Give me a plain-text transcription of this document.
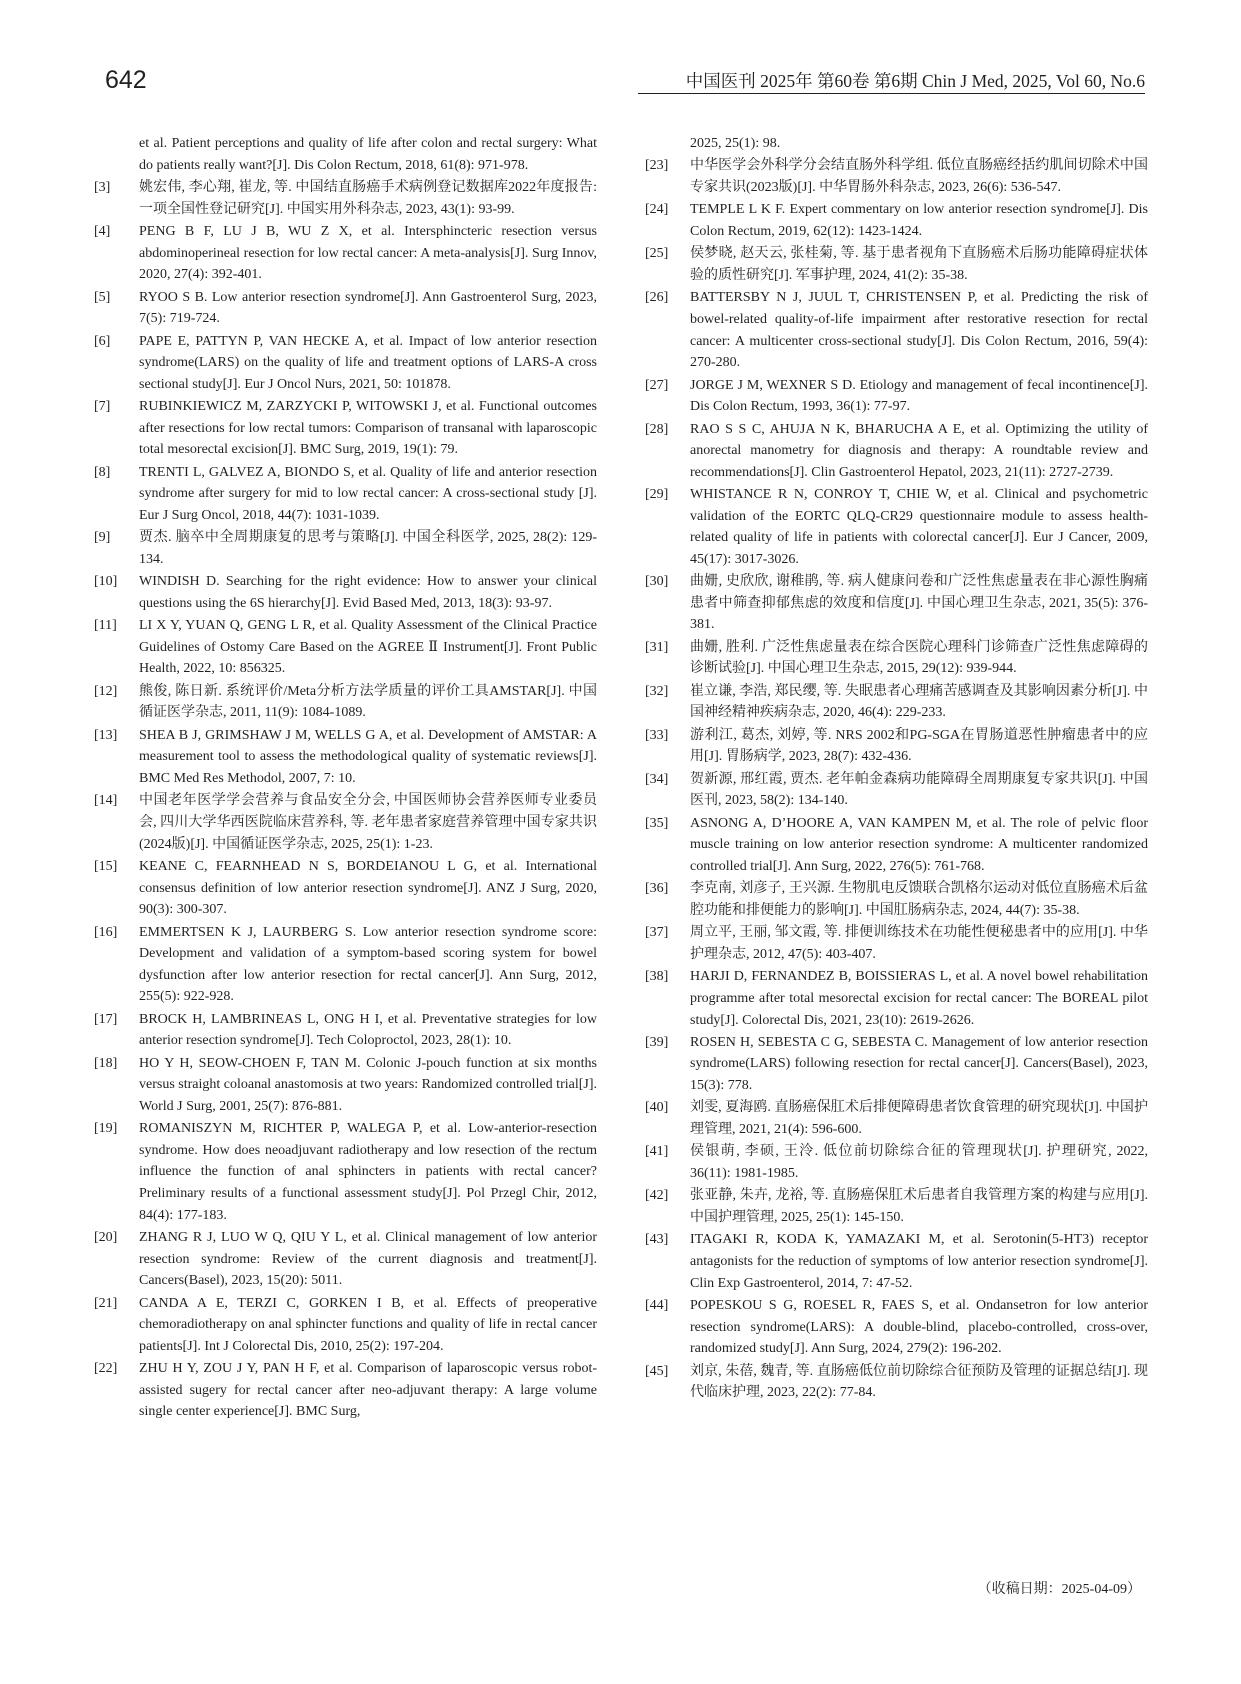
642	中国医刊 2025年 第60卷 第6期 Chin J Med, 2025, Vol 60, No.6
et al. Patient perceptions and quality of life after colon and rectal surgery: What do patients really want?[J]. Dis Colon Rectum, 2018, 61(8): 971-978.
[3]	姚宏伟, 李心翔, 崔龙, 等. 中国结直肠癌手术病例登记数据库2022年度报告: 一项全国性登记研究[J]. 中国实用外科杂志, 2023, 43(1): 93-99.
[4]	PENG B F, LU J B, WU Z X, et al. Intersphincteric resection versus abdominoperineal resection for low rectal cancer: A meta-analysis[J]. Surg Innov, 2020, 27(4): 392-401.
[5]	RYOO S B. Low anterior resection syndrome[J]. Ann Gastroenterol Surg, 2023, 7(5): 719-724.
[6]	PAPE E, PATTYN P, VAN HECKE A, et al. Impact of low anterior resection syndrome(LARS) on the quality of life and treatment options of LARS-A cross sectional study[J]. Eur J Oncol Nurs, 2021, 50: 101878.
[7]	RUBINKIEWICZ M, ZARZYCKI P, WITOWSKI J, et al. Functional outcomes after resections for low rectal tumors: Comparison of transanal with laparoscopic total mesorectal excision[J]. BMC Surg, 2019, 19(1): 79.
[8]	TRENTI L, GALVEZ A, BIONDO S, et al. Quality of life and anterior resection syndrome after surgery for mid to low rectal cancer: A cross-sectional study [J]. Eur J Surg Oncol, 2018, 44(7): 1031-1039.
[9]	贾杰. 脑卒中全周期康复的思考与策略[J]. 中国全科医学, 2025, 28(2): 129-134.
[10]	WINDISH D. Searching for the right evidence: How to answer your clinical questions using the 6S hierarchy[J]. Evid Based Med, 2013, 18(3): 93-97.
[11]	LI X Y, YUAN Q, GENG L R, et al. Quality Assessment of the Clinical Practice Guidelines of Ostomy Care Based on the AGREE Ⅱ Instrument[J]. Front Public Health, 2022, 10: 856325.
[12]	熊俊, 陈日新. 系统评价/Meta分析方法学质量的评价工具AMSTAR[J]. 中国循证医学杂志, 2011, 11(9): 1084-1089.
[13]	SHEA B J, GRIMSHAW J M, WELLS G A, et al. Development of AMSTAR: A measurement tool to assess the methodological quality of systematic reviews[J]. BMC Med Res Methodol, 2007, 7: 10.
[14]	中国老年医学学会营养与食品安全分会, 中国医师协会营养医师专业委员会, 四川大学华西医院临床营养科, 等. 老年患者家庭营养管理中国专家共识(2024版)[J]. 中国循证医学杂志, 2025, 25(1): 1-23.
[15]	KEANE C, FEARNHEAD N S, BORDEIANOU L G, et al. International consensus definition of low anterior resection syndrome[J]. ANZ J Surg, 2020, 90(3): 300-307.
[16]	EMMERTSEN K J, LAURBERG S. Low anterior resection syndrome score: Development and validation of a symptom-based scoring system for bowel dysfunction after low anterior resection for rectal cancer[J]. Ann Surg, 2012, 255(5): 922-928.
[17]	BROCK H, LAMBRINEAS L, ONG H I, et al. Preventative strategies for low anterior resection syndrome[J]. Tech Coloproctol, 2023, 28(1): 10.
[18]	HO Y H, SEOW-CHOEN F, TAN M. Colonic J-pouch function at six months versus straight coloanal anastomosis at two years: Randomized controlled trial[J]. World J Surg, 2001, 25(7): 876-881.
[19]	ROMANISZYN M, RICHTER P, WALEGA P, et al. Low-anterior-resection syndrome. How does neoadjuvant radiotherapy and low resection of the rectum influence the function of anal sphincters in patients with rectal cancer? Preliminary results of a functional assessment study[J]. Pol Przegl Chir, 2012, 84(4): 177-183.
[20]	ZHANG R J, LUO W Q, QIU Y L, et al. Clinical management of low anterior resection syndrome: Review of the current diagnosis and treatment[J]. Cancers(Basel), 2023, 15(20): 5011.
[21]	CANDA A E, TERZI C, GORKEN I B, et al. Effects of preoperative chemoradiotherapy on anal sphincter functions and quality of life in rectal cancer patients[J]. Int J Colorectal Dis, 2010, 25(2): 197-204.
[22]	ZHU H Y, ZOU J Y, PAN H F, et al. Comparison of laparoscopic versus robot-assisted sugery for rectal cancer after neo-adjuvant therapy: A large volume single center experience[J]. BMC Surg,
2025, 25(1): 98.
[23]	中华医学会外科学分会结直肠外科学组. 低位直肠癌经括约肌间切除术中国专家共识(2023版)[J]. 中华胃肠外科杂志, 2023, 26(6): 536-547.
[24]	TEMPLE L K F. Expert commentary on low anterior resection syndrome[J]. Dis Colon Rectum, 2019, 62(12): 1423-1424.
[25]	侯梦晓, 赵天云, 张桂菊, 等. 基于患者视角下直肠癌术后肠功能障碍症状体验的质性研究[J]. 军事护理, 2024, 41(2): 35-38.
[26]	BATTERSBY N J, JUUL T, CHRISTENSEN P, et al. Predicting the risk of bowel-related quality-of-life impairment after restorative resection for rectal cancer: A multicenter cross-sectional study[J]. Dis Colon Rectum, 2016, 59(4): 270-280.
[27]	JORGE J M, WEXNER S D. Etiology and management of fecal incontinence[J]. Dis Colon Rectum, 1993, 36(1): 77-97.
[28]	RAO S S C, AHUJA N K, BHARUCHA A E, et al. Optimizing the utility of anorectal manometry for diagnosis and therapy: A roundtable review and recommendations[J]. Clin Gastroenterol Hepatol, 2023, 21(11): 2727-2739.
[29]	WHISTANCE R N, CONROY T, CHIE W, et al. Clinical and psychometric validation of the EORTC QLQ-CR29 questionnaire module to assess health-related quality of life in patients with colorectal cancer[J]. Eur J Cancer, 2009, 45(17): 3017-3026.
[30]	曲姗, 史欣欣, 谢稚鹃, 等. 病人健康问卷和广泛性焦虑量表在非心源性胸痛患者中筛查抑郁焦虑的效度和信度[J]. 中国心理卫生杂志, 2021, 35(5): 376-381.
[31]	曲姗, 胜利. 广泛性焦虑量表在综合医院心理科门诊筛查广泛性焦虑障碍的诊断试验[J]. 中国心理卫生杂志, 2015, 29(12): 939-944.
[32]	崔立谦, 李浩, 郑民缨, 等. 失眠患者心理痛苦感调查及其影响因素分析[J]. 中国神经精神疾病杂志, 2020, 46(4): 229-233.
[33]	游利江, 葛杰, 刘婷, 等. NRS 2002和PG-SGA在胃肠道恶性肿瘤患者中的应用[J]. 胃肠病学, 2023, 28(7): 432-436.
[34]	贺新源, 邢红霞, 贾杰. 老年帕金森病功能障碍全周期康复专家共识[J]. 中国医刊, 2023, 58(2): 134-140.
[35]	ASNONG A, D’HOORE A, VAN KAMPEN M, et al. The role of pelvic floor muscle training on low anterior resection syndrome: A multicenter randomized controlled trial[J]. Ann Surg, 2022, 276(5): 761-768.
[36]	李克南, 刘彦子, 王兴源. 生物肌电反馈联合凯格尔运动对低位直肠癌术后盆腔功能和排便能力的影响[J]. 中国肛肠病杂志, 2024, 44(7): 35-38.
[37]	周立平, 王丽, 邹文霞, 等. 排便训练技术在功能性便秘患者中的应用[J]. 中华护理杂志, 2012, 47(5): 403-407.
[38]	HARJI D, FERNANDEZ B, BOISSIERAS L, et al. A novel bowel rehabilitation programme after total mesorectal excision for rectal cancer: The BOREAL pilot study[J]. Colorectal Dis, 2021, 23(10): 2619-2626.
[39]	ROSEN H, SEBESTA C G, SEBESTA C. Management of low anterior resection syndrome(LARS) following resection for rectal cancer[J]. Cancers(Basel), 2023, 15(3): 778.
[40]	刘雯, 夏海鸥. 直肠癌保肛术后排便障碍患者饮食管理的研究现状[J]. 中国护理管理, 2021, 21(4): 596-600.
[41]	侯银萌, 李硕, 王泠. 低位前切除综合征的管理现状[J]. 护理研究, 2022, 36(11): 1981-1985.
[42]	张亚静, 朱卉, 龙裕, 等. 直肠癌保肛术后患者自我管理方案的构建与应用[J]. 中国护理管理, 2025, 25(1): 145-150.
[43]	ITAGAKI R, KODA K, YAMAZAKI M, et al. Serotonin(5-HT3) receptor antagonists for the reduction of symptoms of low anterior resection syndrome[J]. Clin Exp Gastroenterol, 2014, 7: 47-52.
[44]	POPESKOU S G, ROESEL R, FAES S, et al. Ondansetron for low anterior resection syndrome(LARS): A double-blind, placebo-controlled, cross-over, randomized study[J]. Ann Surg, 2024, 279(2): 196-202.
[45]	刘京, 朱蓓, 魏青, 等. 直肠癌低位前切除综合征预防及管理的证据总结[J]. 现代临床护理, 2023, 22(2): 77-84.
（收稿日期：2025-04-09）
